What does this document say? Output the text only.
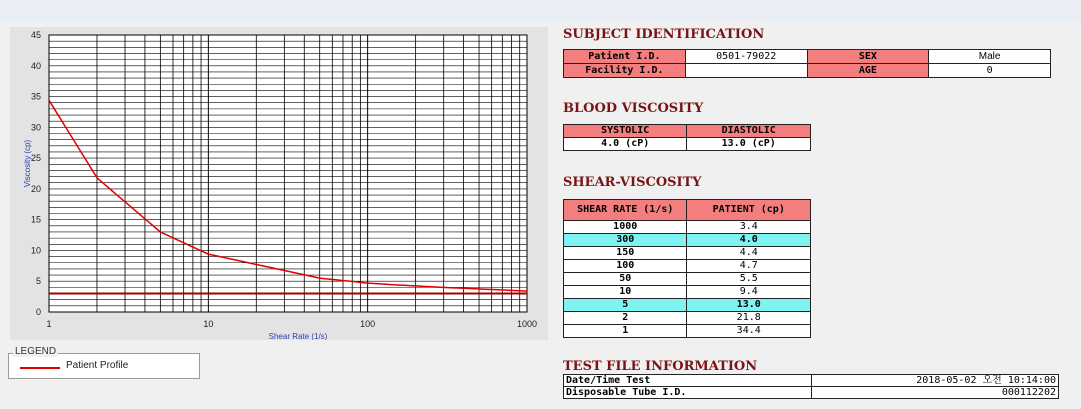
0
5
10
15
20
25
30
35
40
45
1	10	100	1000
Shear Rate (1/s)
Viscosity (cp)
LEGEND
Patient Profile
SUBJECT IDENTIFICATION
Patient I.D.	0501-79022	SEX	Male
Facility I.D.		AGE	0
BLOOD VISCOSITY
SYSTOLIC	DIASTOLIC
4.0 (cP)	13.0 (cP)
SHEAR-VISCOSITY
SHEAR RATE (1/s)	PATIENT (cp)
1000	3.4
300	4.0
150	4.4
100	4.7
50	5.5
10	9.4
5	13.0
2	21.8
1	34.4
TEST FILE INFORMATION
Date/Time Test	2018-05-02 오전 10:14:00
Disposable Tube I.D.	000112202
